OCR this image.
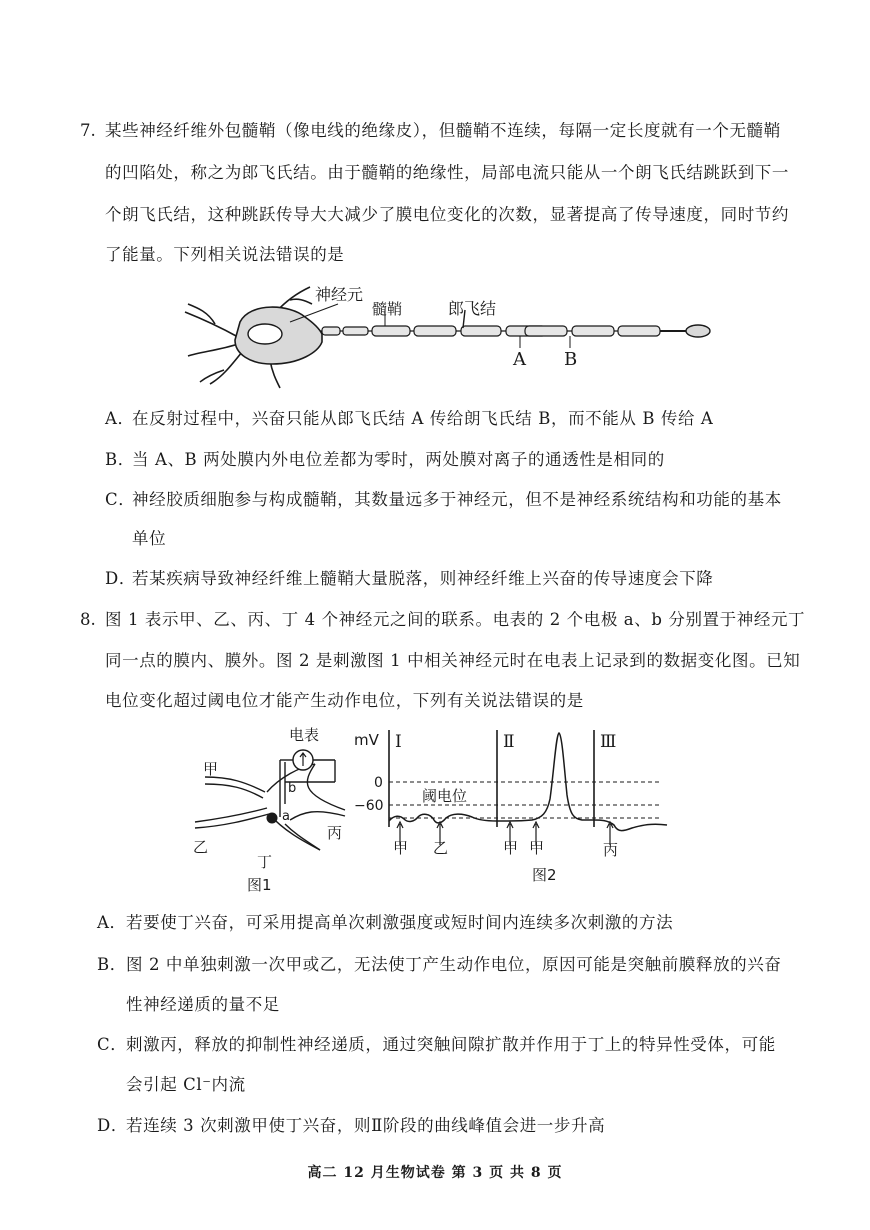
7. 某些神经纤维外包髓鞘（像电线的绝缘皮），但髓鞘不连续，每隔一定长度就有一个无髓鞘
的凹陷处，称之为郎飞氏结。由于髓鞘的绝缘性，局部电流只能从一个朗飞氏结跳跃到下一
个朗飞氏结，这种跳跃传导大大减少了膜电位变化的次数，显著提高了传导速度，同时节约
了能量。下列相关说法错误的是
神经元
髓鞘	郎飞结
A B
A．
在反射过程中，兴奋只能从郎飞氏结 A 传给朗飞氏结 B，而不能从 B 传给 A
B．
当 A、B 两处膜内外电位差都为零时，两处膜对离子的通透性是相同的
C．
神经胶质细胞参与构成髓鞘，其数量远多于神经元，但不是神经系统结构和功能的基本
单位
D．
若某疾病导致神经纤维上髓鞘大量脱落，则神经纤维上兴奋的传导速度会下降
8. 图 1 表示甲、乙、丙、丁 4 个神经元之间的联系。电表的 2 个电极 a、b 分别置于神经元丁
同一点的膜内、膜外。图 2 是刺激图 1 中相关神经元时在电表上记录到的数据变化图。已知
电位变化超过阈电位才能产生动作电位，下列有关说法错误的是
电表
甲
乙
丙
丁
a
b
图1
mV Ⅰ	Ⅱ	Ⅲ
0
−60
阈电位
甲 乙	甲 甲	丙
图2
A． 若要使丁兴奋，可采用提高单次刺激强度或短时间内连续多次刺激的方法
B． 图 2 中单独刺激一次甲或乙，无法使丁产生动作电位，原因可能是突触前膜释放的兴奋
性神经递质的量不足
C．
刺激丙，释放的抑制性神经递质，通过突触间隙扩散并作用于丁上的特异性受体，可能
会引起 Cl⁻内流
D．
若连续 3 次刺激甲使丁兴奋，则Ⅱ阶段的曲线峰值会进一步升高
高二 12 月生物试卷 第 3 页 共 8 页
